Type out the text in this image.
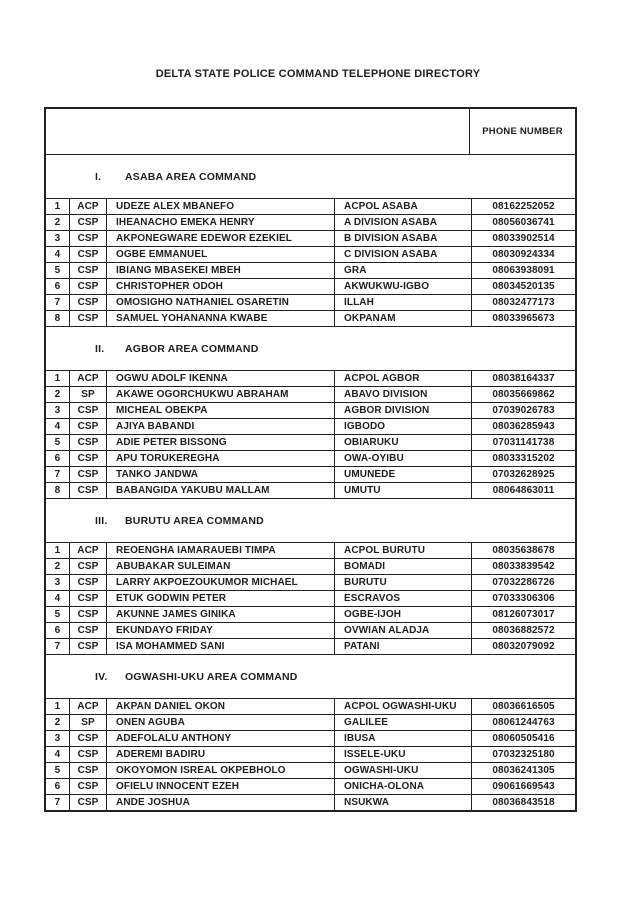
DELTA STATE POLICE COMMAND TELEPHONE DIRECTORY
PHONE NUMBER
I.	ASABA AREA COMMAND
1	ACP	UDEZE ALEX MBANEFO	ACPOL ASABA	08162252052
2	CSP	IHEANACHO EMEKA HENRY	A DIVISION ASABA	08056036741
3	CSP	AKPONEGWARE EDEWOR EZEKIEL	B DIVISION ASABA	08033902514
4	CSP	OGBE EMMANUEL	C DIVISION ASABA	08030924334
5	CSP	IBIANG MBASEKEI MBEH	GRA	08063938091
6	CSP	CHRISTOPHER ODOH	AKWUKWU-IGBO	08034520135
7	CSP	OMOSIGHO NATHANIEL OSARETIN	ILLAH	08032477173
8	CSP	SAMUEL YOHANANNA KWABE	OKPANAM	08033965673
II.	AGBOR AREA COMMAND
1	ACP	OGWU ADOLF IKENNA	ACPOL AGBOR	08038164337
2	SP	AKAWE OGORCHUKWU ABRAHAM	ABAVO DIVISION	08035669862
3	CSP	MICHEAL OBEKPA	AGBOR DIVISION	07039026783
4	CSP	AJIYA BABANDI	IGBODO	08036285943
5	CSP	ADIE PETER BISSONG	OBIARUKU	07031141738
6	CSP	APU TORUKEREGHA	OWA-OYIBU	08033315202
7	CSP	TANKO JANDWA	UMUNEDE	07032628925
8	CSP	BABANGIDA YAKUBU MALLAM	UMUTU	08064863011
III.	BURUTU AREA COMMAND
1	ACP	REOENGHA IAMARAUEBI TIMPA	ACPOL BURUTU	08035638678
2	CSP	ABUBAKAR SULEIMAN	BOMADI	08033839542
3	CSP	LARRY AKPOEZOUKUMOR MICHAEL	BURUTU	07032286726
4	CSP	ETUK GODWIN PETER	ESCRAVOS	07033306306
5	CSP	AKUNNE JAMES GINIKA	OGBE-IJOH	08126073017
6	CSP	EKUNDAYO FRIDAY	OVWIAN ALADJA	08036882572
7	CSP	ISA MOHAMMED SANI	PATANI	08032079092
IV.	OGWASHI-UKU AREA COMMAND
1	ACP	AKPAN DANIEL OKON	ACPOL OGWASHI-UKU	08036616505
2	SP	ONEN AGUBA	GALILEE	08061244763
3	CSP	ADEFOLALU ANTHONY	IBUSA	08060505416
4	CSP	ADEREMI BADIRU	ISSELE-UKU	07032325180
5	CSP	OKOYOMON ISREAL OKPEBHOLO	OGWASHI-UKU	08036241305
6	CSP	OFIELU INNOCENT EZEH	ONICHA-OLONA	09061669543
7	CSP	ANDE JOSHUA	NSUKWA	08036843518
